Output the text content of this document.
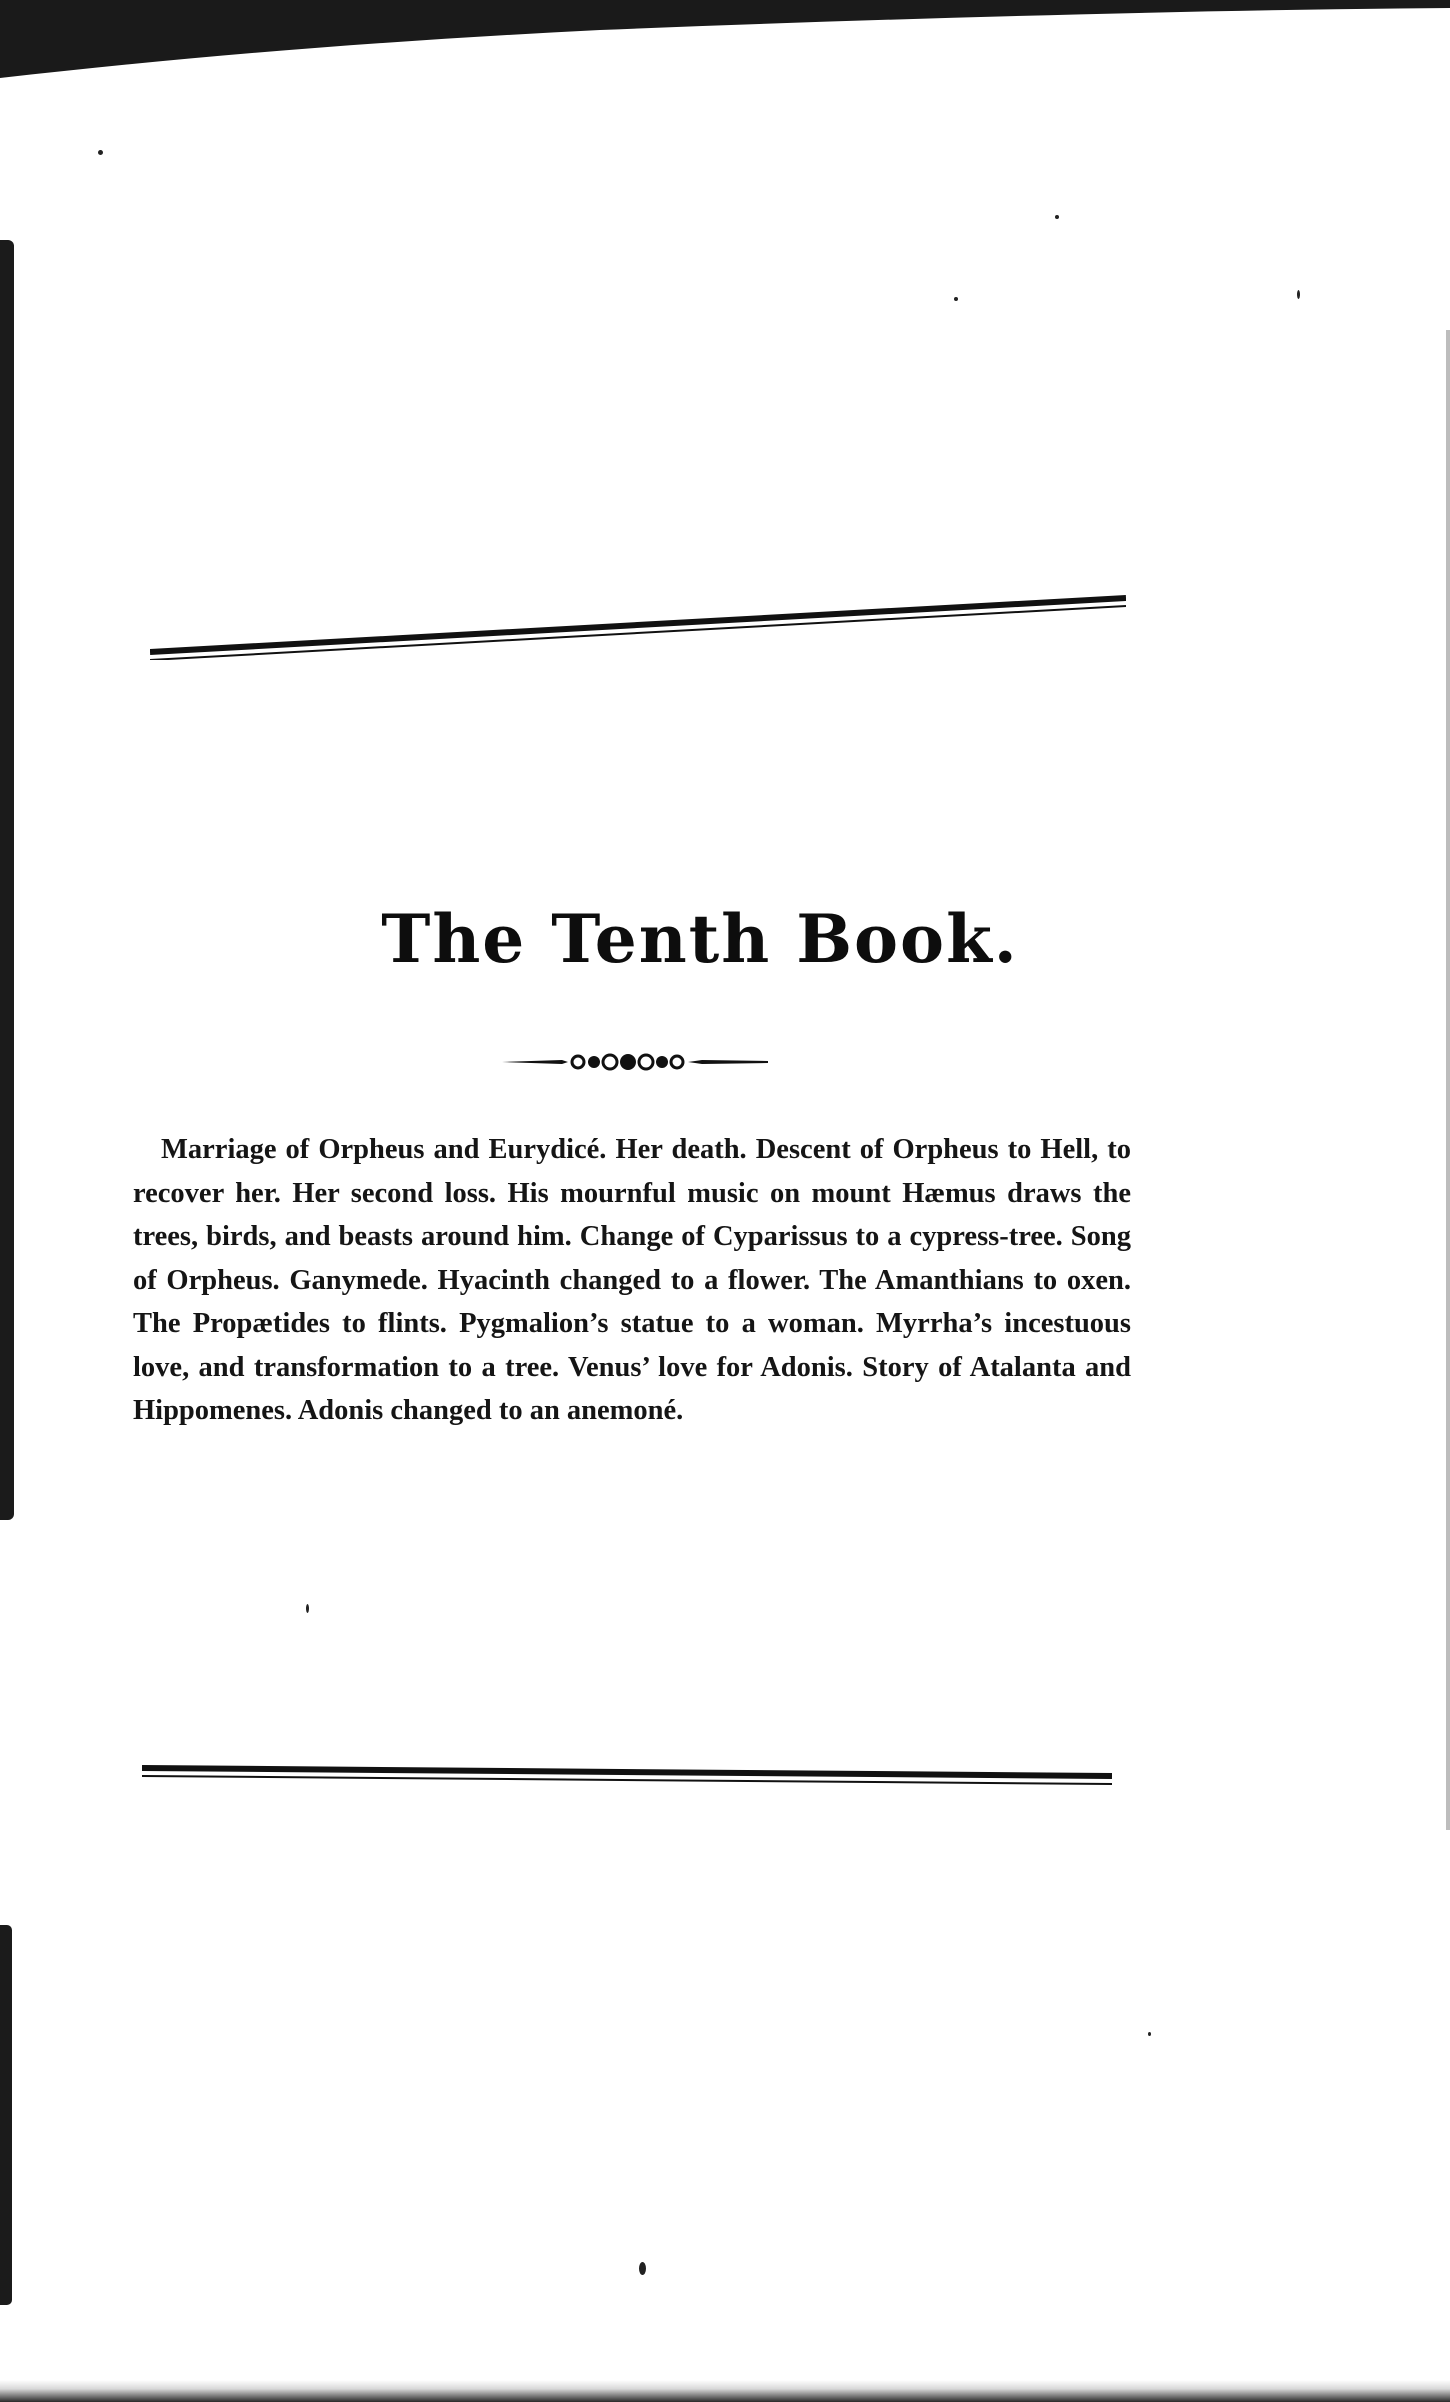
The Tenth Book.
Marriage of Orpheus and Eurydicé. Her death. Descent of Orpheus to Hell, to recover her. Her second loss. His mournful music on mount Hæmus draws the trees, birds, and beasts around him. Change of Cyparissus to a cypress-tree. Song of Orpheus. Ganymede. Hyacinth changed to a flower. The Amanthians to oxen. The Propætides to flints. Pygmalion’s statue to a woman. Myrrha’s incestuous love, and transformation to a tree. Venus’ love for Adonis. Story of Atalanta and Hippomenes. Adonis changed to an anemoné.
